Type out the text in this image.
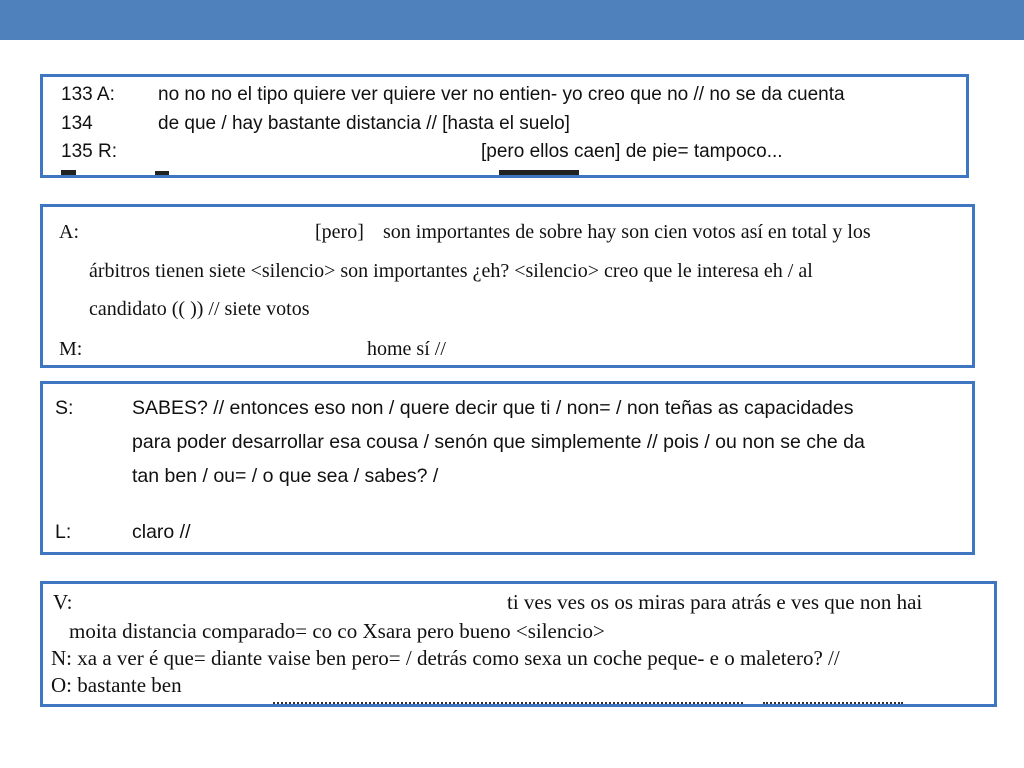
133 A: no no no el tipo quiere ver quiere ver no entien- yo creo que no // no se da cuenta
134	de que / hay bastante distancia // [hasta el suelo]
135 R:	[pero ellos caen] de pie= tampoco...
A:	[pero] son importantes de sobre hay son cien votos así en total y los
árbitros tienen siete <silencio> son importantes ¿eh? <silencio> creo que le interesa eh / al
candidato (( )) // siete votos
M:	home sí //
S:	SABES? // entonces eso non / quere decir que ti / non= / non teñas as capacidades
para poder desarrollar esa cousa / senón que simplemente // pois / ou non se che da
tan ben / ou= / o que sea / sabes? /
L:	claro //
V:	ti ves ves os os miras para atrás e ves que non hai
moita distancia comparado= co co Xsara pero bueno <silencio>
N: xa a ver é que= diante vaise ben pero= / detrás como sexa un coche peque- e o maletero? //
O: bastante ben
